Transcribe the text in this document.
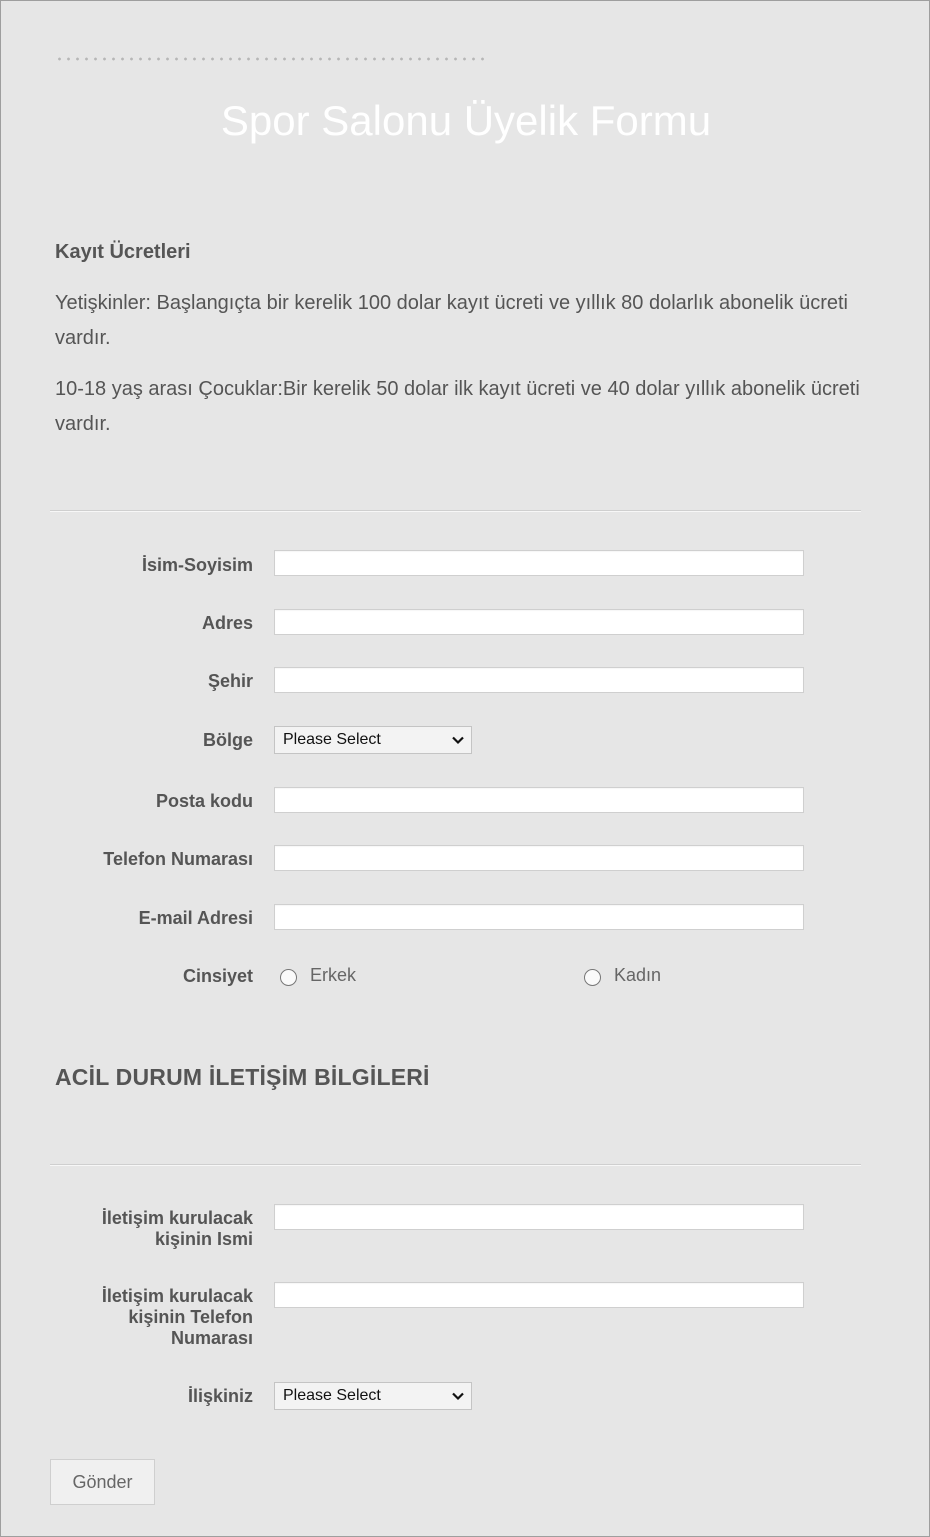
Spor Salonu Üyelik Formu
Kayıt Ücretleri

Yetişkinler: Başlangıçta bir kerelik 100 dolar kayıt ücreti ve yıllık 80 dolarlık abonelik ücreti vardır.

10-18 yaş arası Çocuklar:Bir kerelik 50 dolar ilk kayıt ücreti ve 40 dolar yıllık abonelik ücreti vardır.

İsim-Soyisim
Adres
Şehir
Bölge Please Select
Posta kodu
Telefon Numarası
E-mail Adresi
Cinsiyet	Erkek	Kadın
ACİL DURUM İLETİŞİM BİLGİLERİ
İletişim kurulacak
kişinin Ismi
İletişim kurulacak
kişinin Telefon
Numarası
İlişkiniz Please Select
Gönder
